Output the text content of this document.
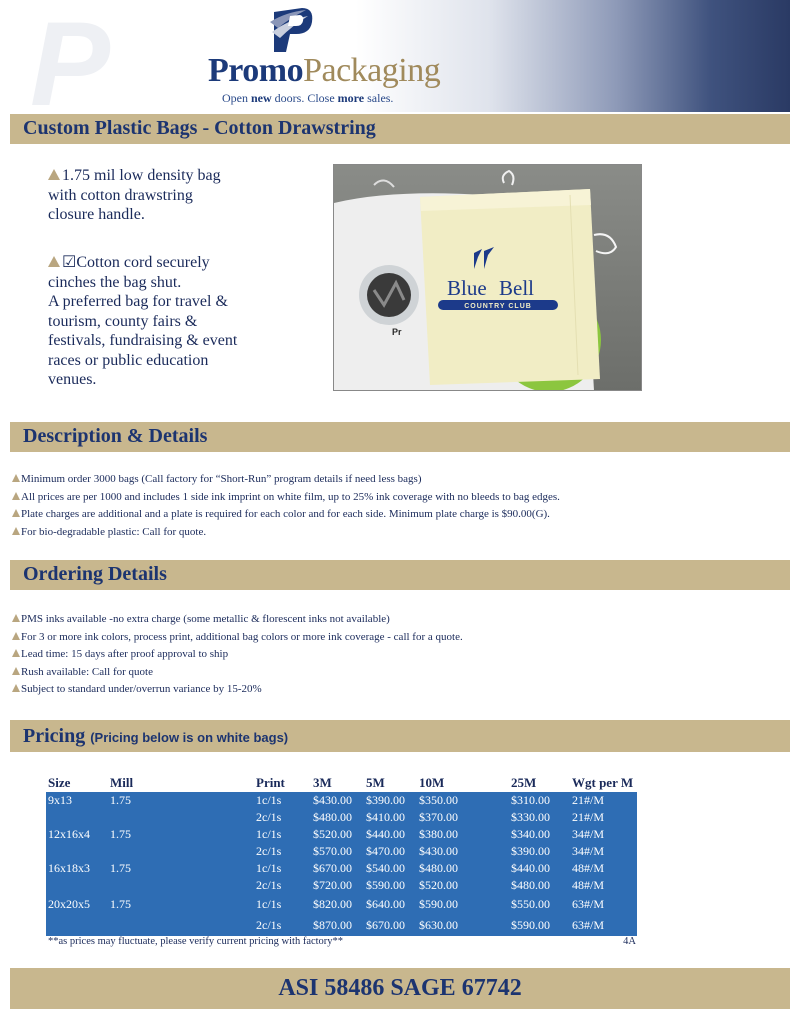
P	PromoPackaging
Open new doors. Close more sales.
Custom Plastic Bags - Cotton Drawstring
1.75 mil low density bag
with cotton drawstring
closure handle.
☑Cotton cord securely
cinches the bag shut.
A preferred bag for travel &
tourism, county fairs &
festivals, fundraising & event
races or public education
venues.
Pr
Blue Bell
COUNTRY CLUB
Description & Details
Minimum order 3000 bags (Call factory for “Short-Run” program details if need less bags)
All prices are per 1000 and includes 1 side ink imprint on white film, up to 25% ink coverage with no bleeds to bag edges.
Plate charges are additional and a plate is required for each color and for each side. Minimum plate charge is $90.00(G).
For bio-degradable plastic: Call for quote.
Ordering Details
PMS inks available -no extra charge (some metallic & florescent inks not available)
For 3 or more ink colors, process print, additional bag colors or more ink coverage - call for a quote.
Lead time: 15 days after proof approval to ship
Rush available: Call for quote
Subject to standard under/overrun variance by 15-20%
Pricing (Pricing below is on white bags)
Size	Mill	Print	3M	5M	10M	25M	Wgt per M
9x13	1.75	1c/1s	$430.00	$390.00	$350.00	$310.00	21#/M
		2c/1s	$480.00	$410.00	$370.00	$330.00	21#/M
12x16x4	1.75	1c/1s	$520.00	$440.00	$380.00	$340.00	34#/M
		2c/1s	$570.00	$470.00	$430.00	$390.00	34#/M
16x18x3	1.75	1c/1s	$670.00	$540.00	$480.00	$440.00	48#/M
		2c/1s	$720.00	$590.00	$520.00	$480.00	48#/M
20x20x5	1.75	1c/1s	$820.00	$640.00	$590.00	$550.00	63#/M
		2c/1s	$870.00	$670.00	$630.00	$590.00	63#/M
**as prices may fluctuate, please verify current pricing with factory**	4A
ASI 58486 SAGE 67742
